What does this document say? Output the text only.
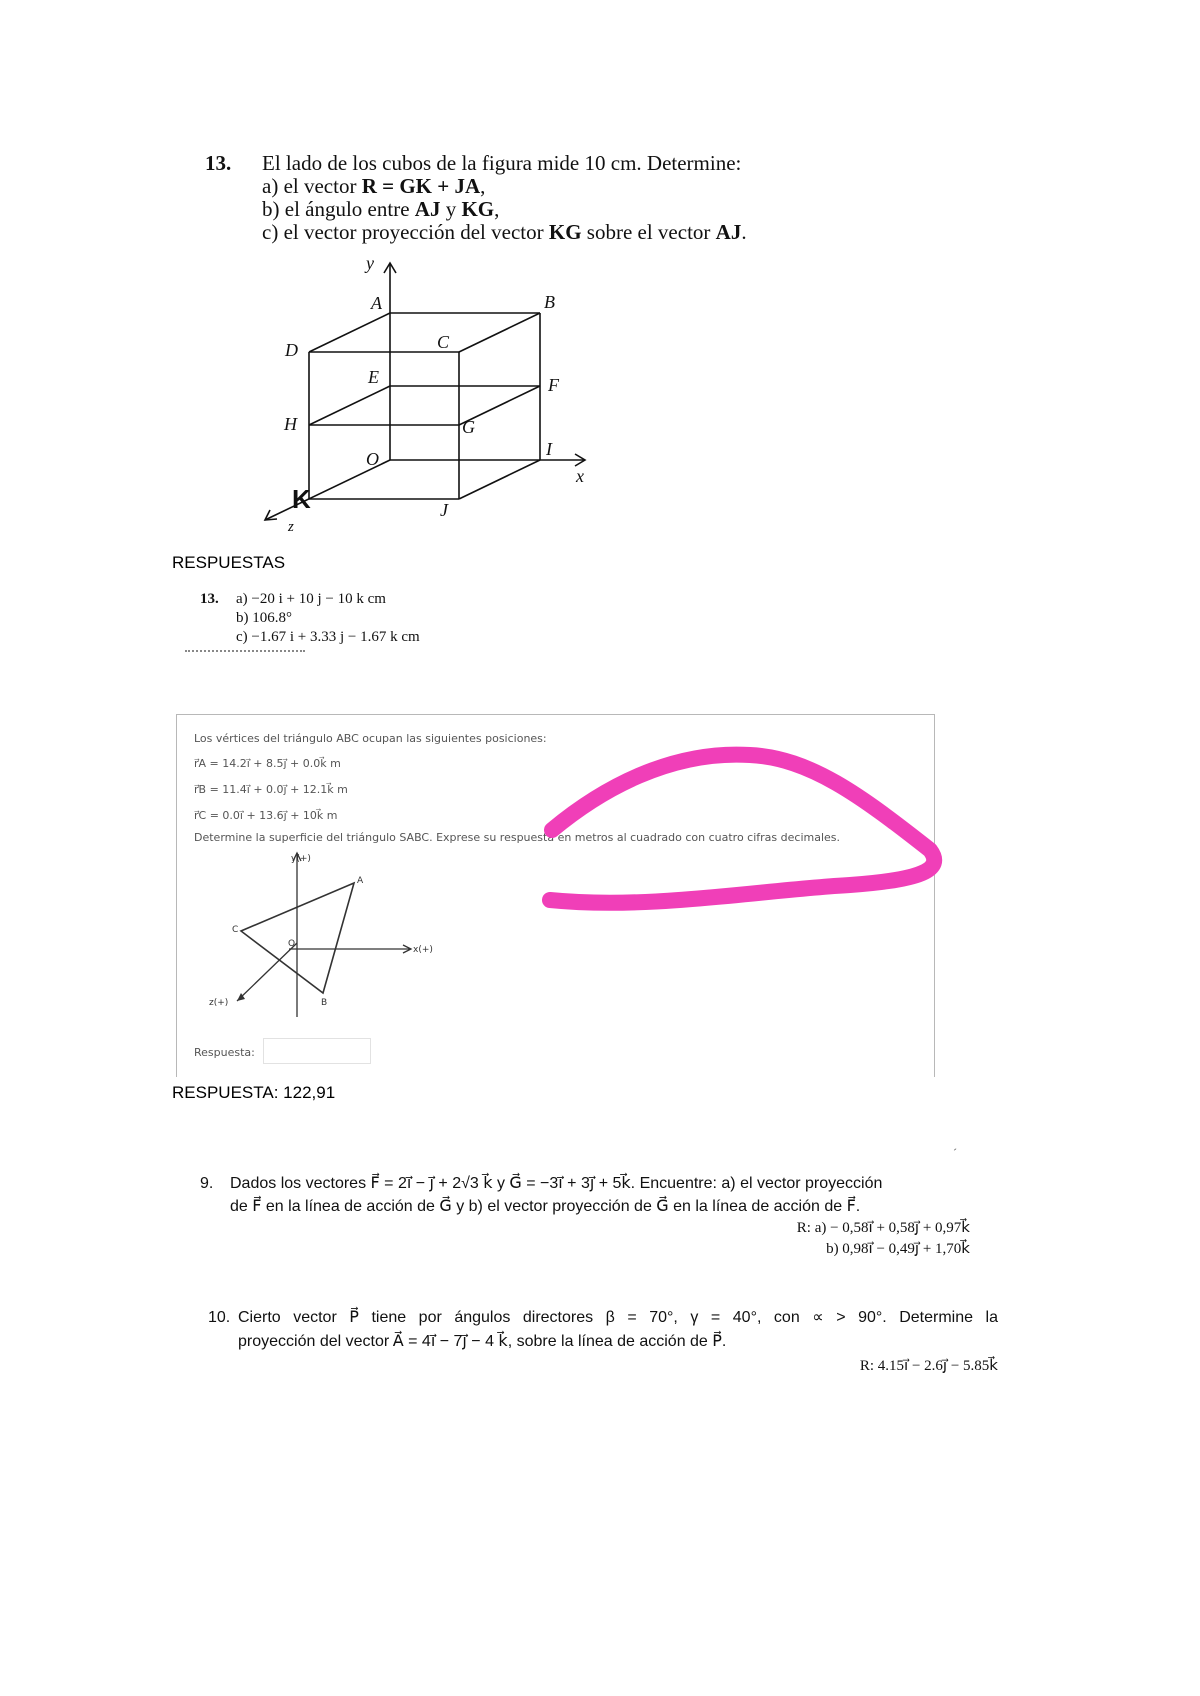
13. El lado de los cubos de la figura mide 10 cm. Determine:
a) el vector R = GK + JA,
b) el ángulo entre AJ y KG,
c) el vector proyección del vector KG sobre el vector AJ.
y
A	B
C
D
E	F
G
H
I
O
x
J
z
K
RESPUESTAS
13. a) −20 i + 10 j − 10 k cm
b) 106.8°
c) −1.67 i + 3.33 j − 1.67 k cm
Los vértices del triángulo ABC ocupan las siguientes posiciones:
r⃗A = 14.2i⃗ + 8.5j⃗ + 0.0k⃗ m
r⃗B = 11.4i⃗ + 0.0j⃗ + 12.1k⃗ m
r⃗C = 0.0i⃗ + 13.6j⃗ + 10k⃗ m
Determine la superficie del triángulo SABC. Exprese su respuesta en metros al cuadrado con cuatro cifras decimales.
y(+)
A
C
O
x(+)
z(+)	B
Respuesta:
RESPUESTA: 122,91
´
9. Dados los vectores F⃗ = 2i⃗ − j⃗ + 2√3 k⃗ y G⃗ = −3i⃗ + 3j⃗ + 5k⃗. Encuentre: a) el vector proyección
de F⃗ en la línea de acción de G⃗ y b) el vector proyección de G⃗ en la línea de acción de F⃗.
R: a) − 0,58i⃗ + 0,58j⃗ + 0,97k⃗
b) 0,98i⃗ − 0,49j⃗ + 1,70k⃗
10. Cierto vector P⃗ tiene por ángulos directores β = 70°, γ = 40°, con ∝ > 90°. Determine la
proyección del vector A⃗ = 4i⃗ − 7j⃗ − 4 k⃗, sobre la línea de acción de P⃗.
R: 4.15i⃗ − 2.6j⃗ − 5.85k⃗
